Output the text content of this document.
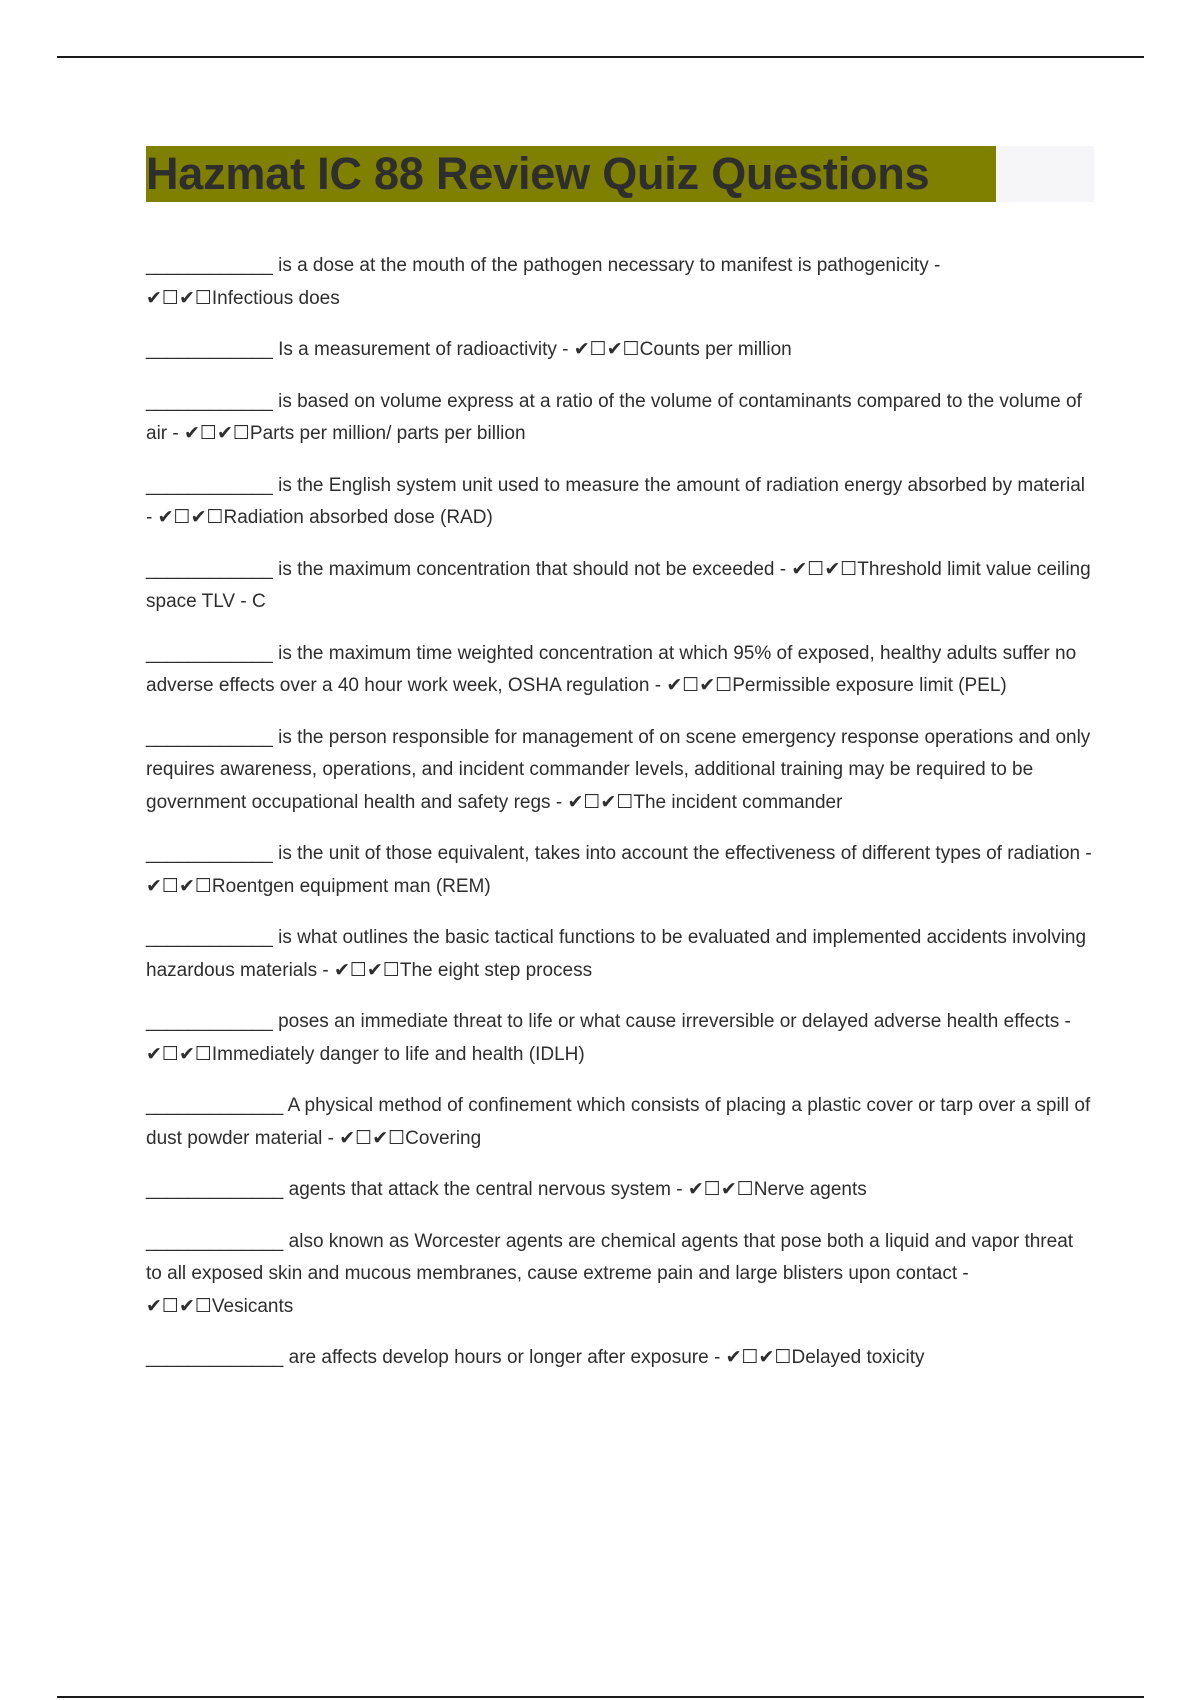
Hazmat IC 88 Review Quiz Questions

____________ is a dose at the mouth of the pathogen necessary to manifest is pathogenicity - ✔☐✔☐Infectious does

____________ Is a measurement of radioactivity - ✔☐✔☐Counts per million

____________ is based on volume express at a ratio of the volume of contaminants compared to the volume of air - ✔☐✔☐Parts per million/ parts per billion

____________ is the English system unit used to measure the amount of radiation energy absorbed by material - ✔☐✔☐Radiation absorbed dose (RAD)

____________ is the maximum concentration that should not be exceeded - ✔☐✔☐Threshold limit value ceiling space TLV - C

____________ is the maximum time weighted concentration at which 95% of exposed, healthy adults suffer no adverse effects over a 40 hour work week, OSHA regulation - ✔☐✔☐Permissible exposure limit (PEL)

____________ is the person responsible for management of on scene emergency response operations and only requires awareness, operations, and incident commander levels, additional training may be required to be government occupational health and safety regs - ✔☐✔☐The incident commander

____________ is the unit of those equivalent, takes into account the effectiveness of different types of radiation - ✔☐✔☐Roentgen equipment man (REM)

____________ is what outlines the basic tactical functions to be evaluated and implemented accidents involving hazardous materials - ✔☐✔☐The eight step process

____________ poses an immediate threat to life or what cause irreversible or delayed adverse health effects - ✔☐✔☐Immediately danger to life and health (IDLH)

_____________ A physical method of confinement which consists of placing a plastic cover or tarp over a spill of dust powder material - ✔☐✔☐Covering

_____________ agents that attack the central nervous system - ✔☐✔☐Nerve agents

_____________ also known as Worcester agents are chemical agents that pose both a liquid and vapor threat to all exposed skin and mucous membranes, cause extreme pain and large blisters upon contact - ✔☐✔☐Vesicants

_____________ are affects develop hours or longer after exposure - ✔☐✔☐Delayed toxicity
